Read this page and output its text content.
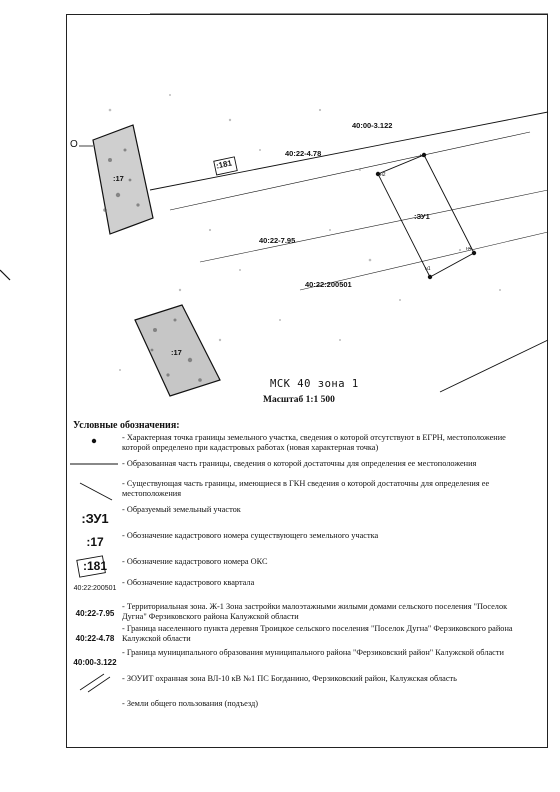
40:00-3.122
40:22-4.78
40:22-7.95
40:22:200501
:181
:17
:17
:ЗУ1
н1
н2
н3
н4
О
МСК 40 зона 1
Масштаб 1:1 500
Условные обозначения:
- Характерная точка границы земельного участка, сведения о которой отсутствуют в ЕГРН, местоположение которой определено при кадастровых работах (новая характерная точка)
- Образованная часть границы, сведения о которой достаточны для определения ее местоположения
- Существующая часть границы, имеющиеся в ГКН сведения о которой достаточны для определения ее местоположения
- Образуемый земельный участок
:ЗУ1
:17	- Обозначение кадастрового номера существующего земельного участка
:181	- Обозначение кадастрового номера ОКС
40:22:200501
- Обозначение кадастрового квартала
40:22-7.95
- Территориальная зона. Ж-1 Зона застройки малоэтажными жилыми домами сельского поселения "Поселок Дугна" Ферзиковского района Калужской области
40:22-4.78
- Граница населенного пункта деревня Троицкое сельского поселения "Поселок Дугна" Ферзиковского района Калужской области
40:00-3.122
- Граница муниципального образования муниципального района "Ферзиковский район" Калужской области
- ЗОУИТ охранная зона ВЛ-10 кВ №1 ПС Богданино, Ферзиковский район, Калужская область
- Земли общего пользования (подъезд)
